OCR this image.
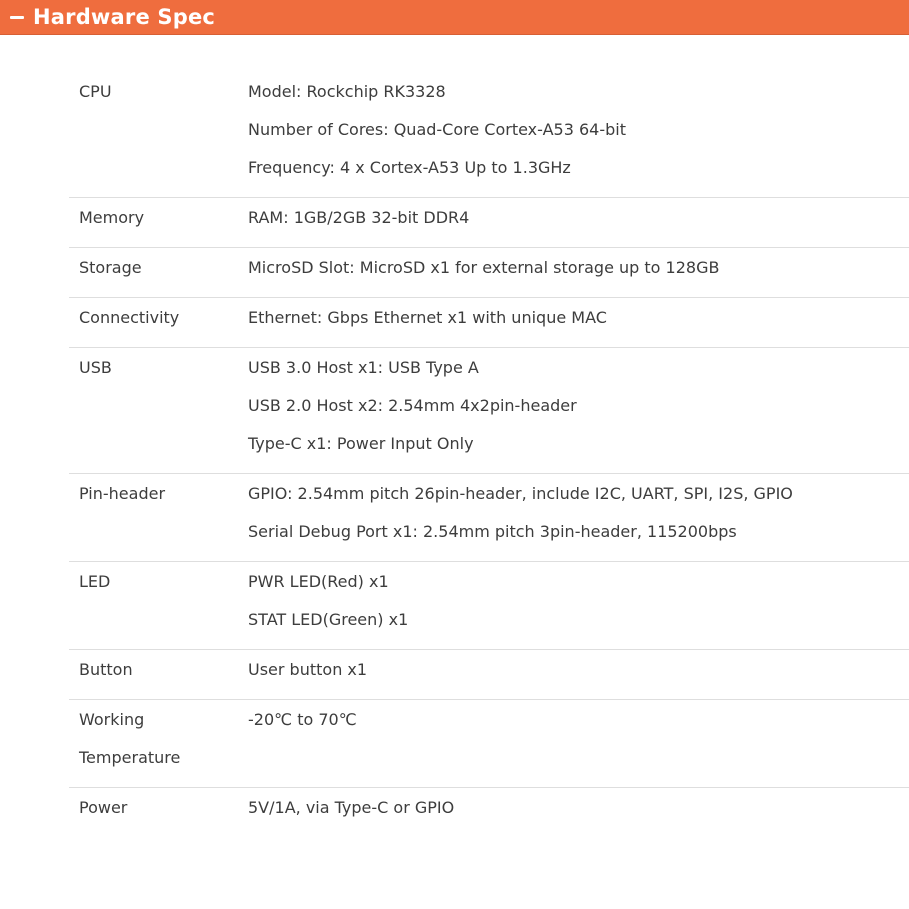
Hardware Spec
CPU	Model: Rockchip RK3328
Number of Cores: Quad-Core Cortex-A53 64-bit
Frequency: 4 x Cortex-A53 Up to 1.3GHz

Memory	RAM: 1GB/2GB 32-bit DDR4

Storage	MicroSD Slot: MicroSD x1 for external storage up to 128GB

Connectivity	Ethernet: Gbps Ethernet x1 with unique MAC

USB	USB 3.0 Host x1: USB Type A
USB 2.0 Host x2: 2.54mm 4x2pin-header
Type-C x1: Power Input Only

Pin-header	GPIO: 2.54mm pitch 26pin-header, include I2C, UART, SPI, I2S, GPIO
Serial Debug Port x1: 2.54mm pitch 3pin-header, 115200bps

LED	PWR LED(Red) x1
STAT LED(Green) x1

Button	User button x1

Working Temperature	-20℃ to 70℃

Power	5V/1A, via Type-C or GPIO
